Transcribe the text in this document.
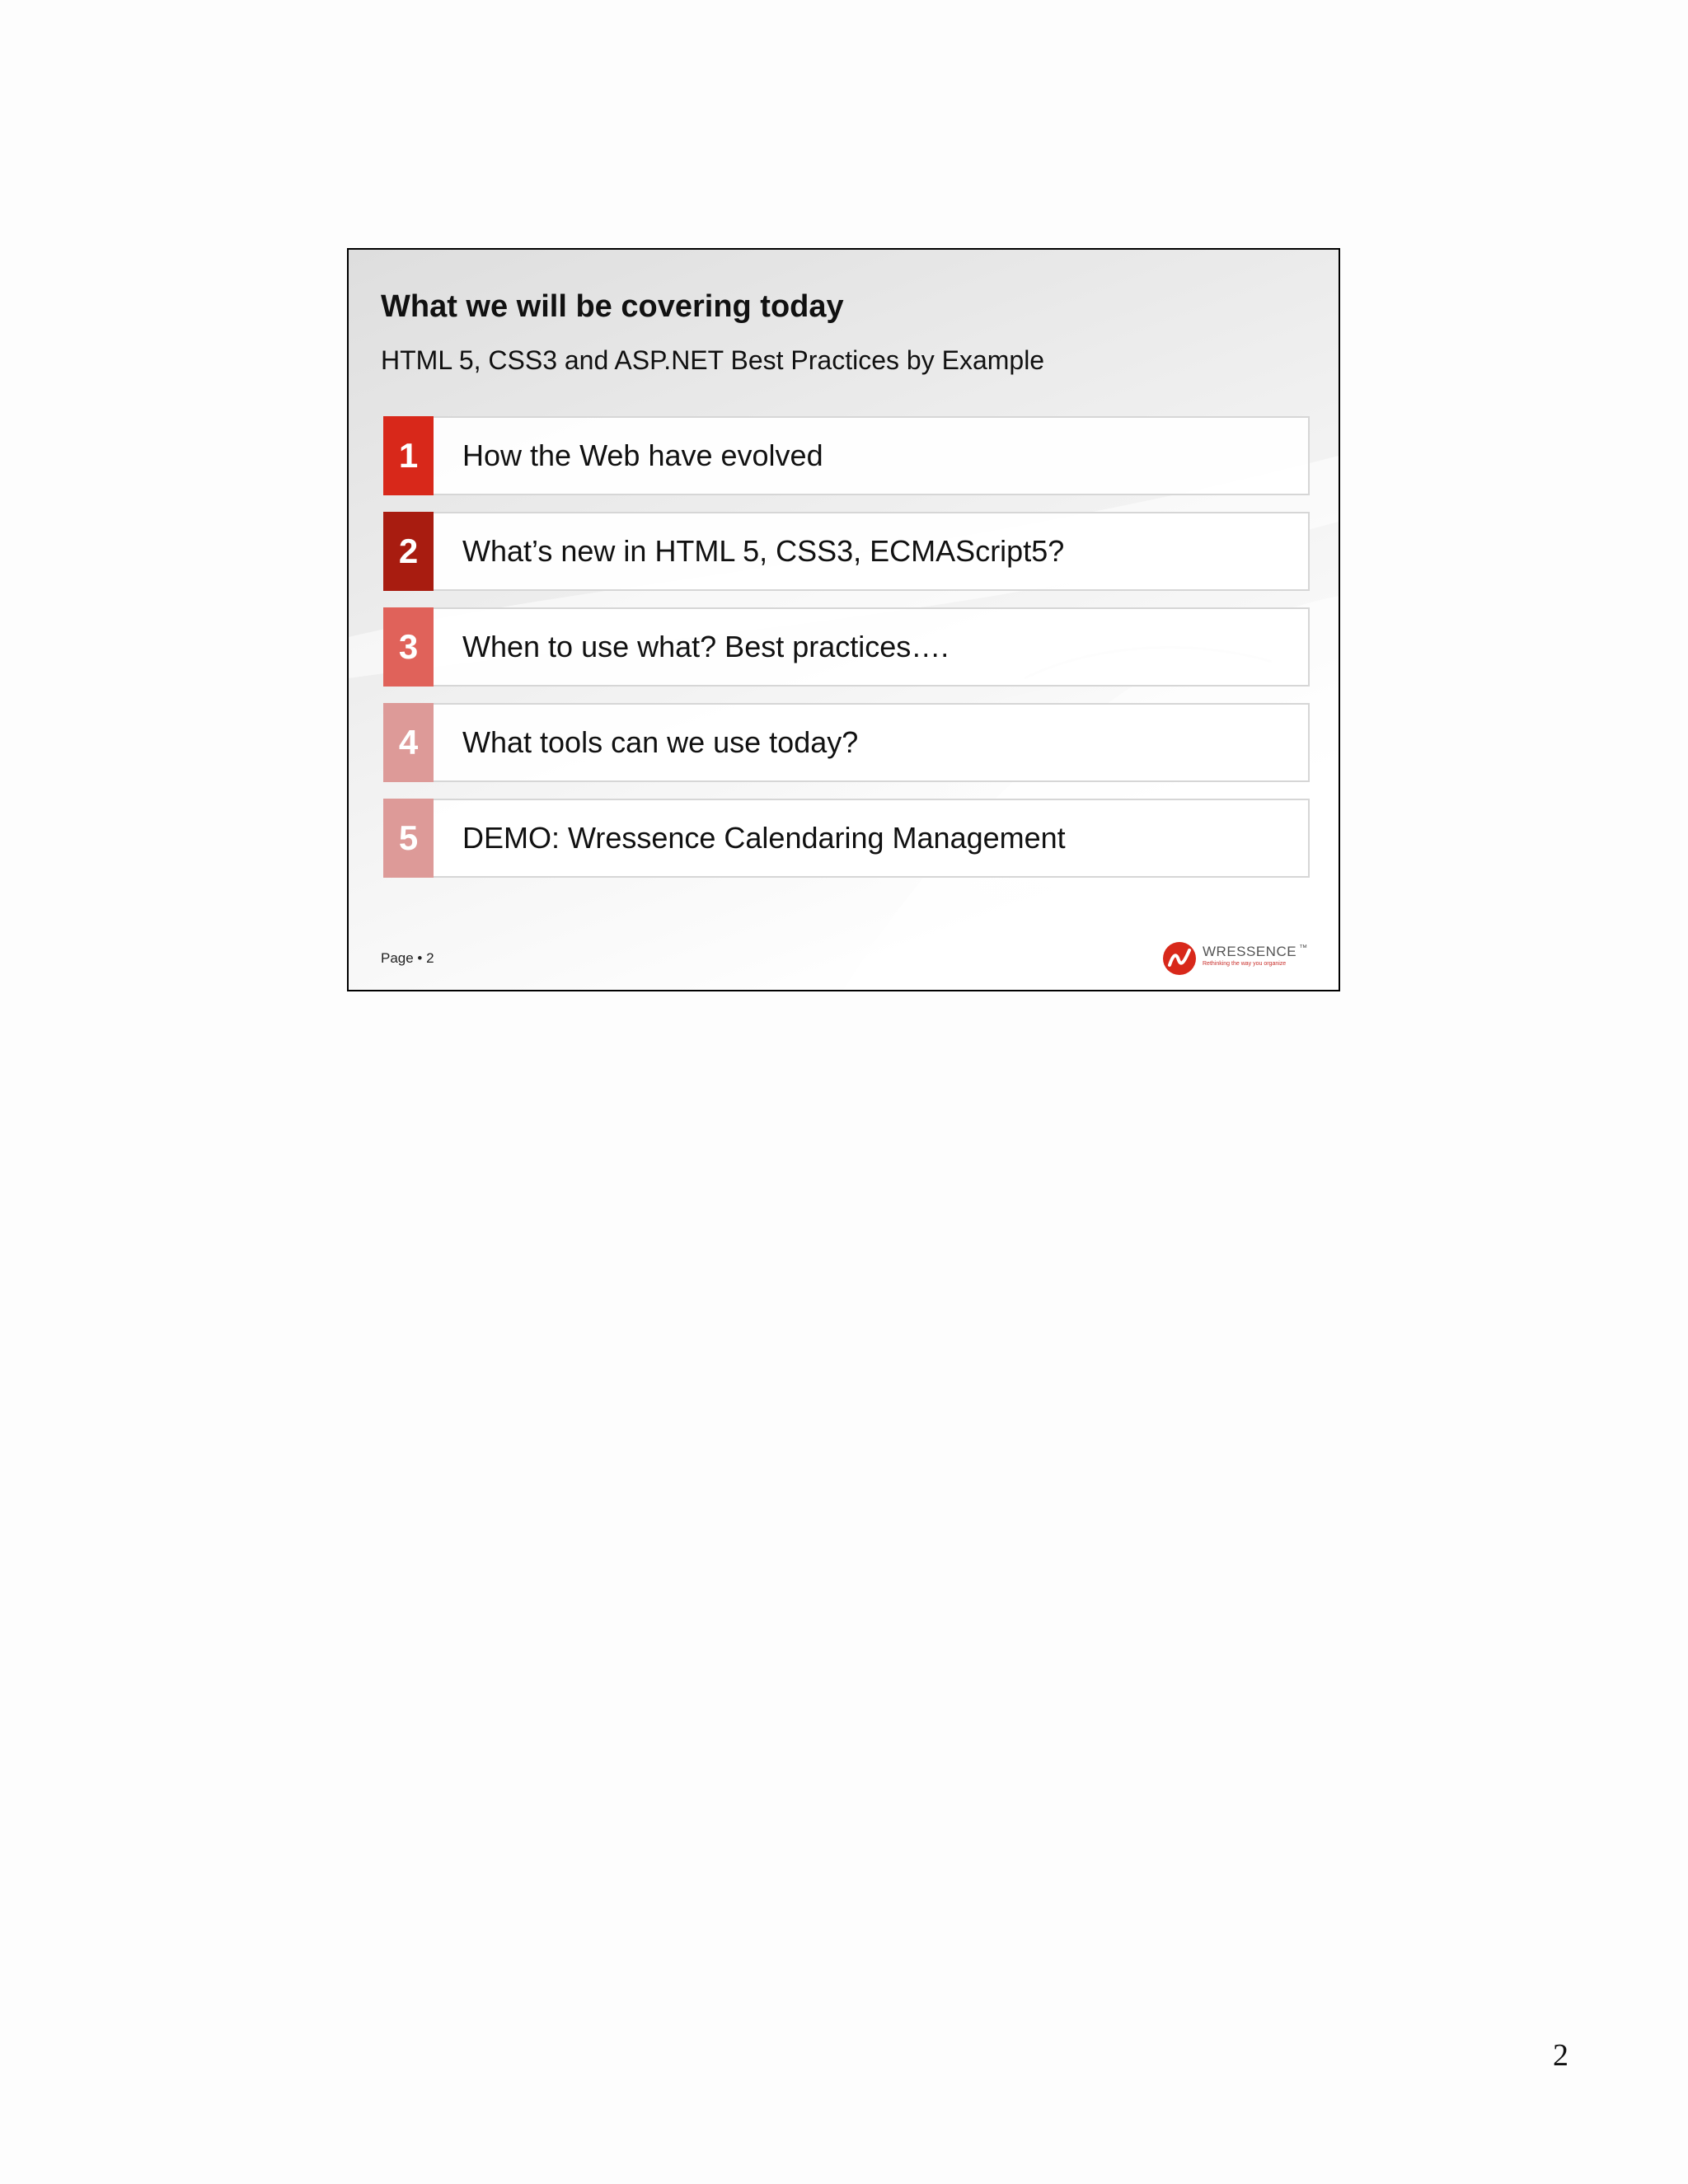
What we will be covering today
HTML 5, CSS3 and ASP.NET Best Practices by Example
1	How the Web have evolved
2	What’s new in HTML 5, CSS3, ECMAScript5?
3	When to use what? Best practices….
4	What tools can we use today?
5	DEMO: Wressence Calendaring Management
Page • 2	WRESSENCE ™
Rethinking the way you organize
2
